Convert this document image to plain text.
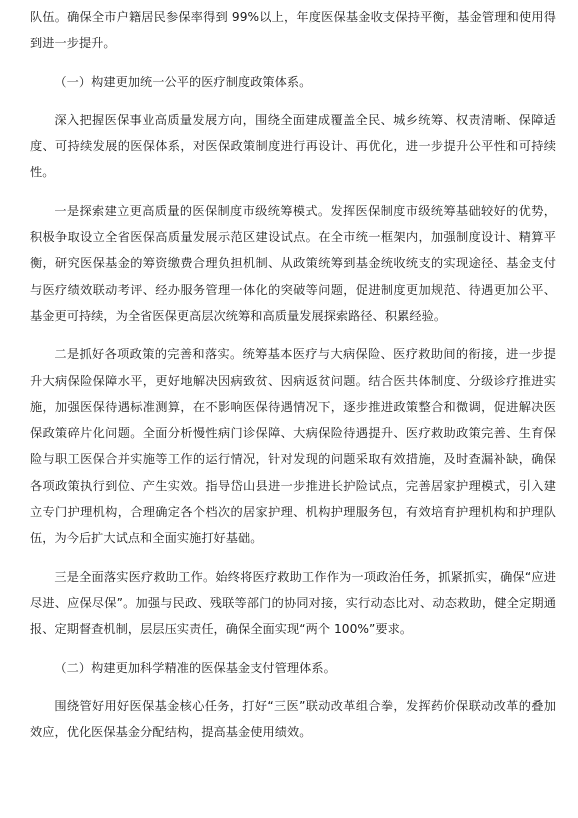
队伍。确保全市户籍居民参保率得到 99%以上，年度医保基金收支保持平衡，基金管理和使用得到进一步提升。

（一）构建更加统一公平的医疗制度政策体系。

深入把握医保事业高质量发展方向，围绕全面建成覆盖全民、城乡统筹、权责清晰、保障适度、可持续发展的医保体系，对医保政策制度进行再设计、再优化，进一步提升公平性和可持续性。

一是探索建立更高质量的医保制度市级统筹模式。发挥医保制度市级统筹基础较好的优势，积极争取设立全省医保高质量发展示范区建设试点。在全市统一框架内，加强制度设计、精算平衡，研究医保基金的筹资缴费合理负担机制、从政策统筹到基金统收统支的实现途径、基金支付与医疗绩效联动考评、经办服务管理一体化的突破等问题，促进制度更加规范、待遇更加公平、基金更可持续，为全省医保更高层次统筹和高质量发展探索路径、积累经验。

二是抓好各项政策的完善和落实。统筹基本医疗与大病保险、医疗救助间的衔接，进一步提升大病保险保障水平，更好地解决因病致贫、因病返贫问题。结合医共体制度、分级诊疗推进实施，加强医保待遇标准测算，在不影响医保待遇情况下，逐步推进政策整合和微调，促进解决医保政策碎片化问题。全面分析慢性病门诊保障、大病保险待遇提升、医疗救助政策完善、生育保险与职工医保合并实施等工作的运行情况，针对发现的问题采取有效措施，及时查漏补缺，确保各项政策执行到位、产生实效。指导岱山县进一步推进长护险试点，完善居家护理模式，引入建立专门护理机构，合理确定各个档次的居家护理、机构护理服务包，有效培育护理机构和护理队伍，为今后扩大试点和全面实施打好基础。

三是全面落实医疗救助工作。始终将医疗救助工作作为一项政治任务，抓紧抓实，确保“应进尽进、应保尽保”。加强与民政、残联等部门的协同对接，实行动态比对、动态救助，健全定期通报、定期督查机制，层层压实责任，确保全面实现“两个 100%”要求。

（二）构建更加科学精准的医保基金支付管理体系。

围绕管好用好医保基金核心任务，打好“三医”联动改革组合拳，发挥药价保联动改革的叠加效应，优化医保基金分配结构，提高基金使用绩效。
